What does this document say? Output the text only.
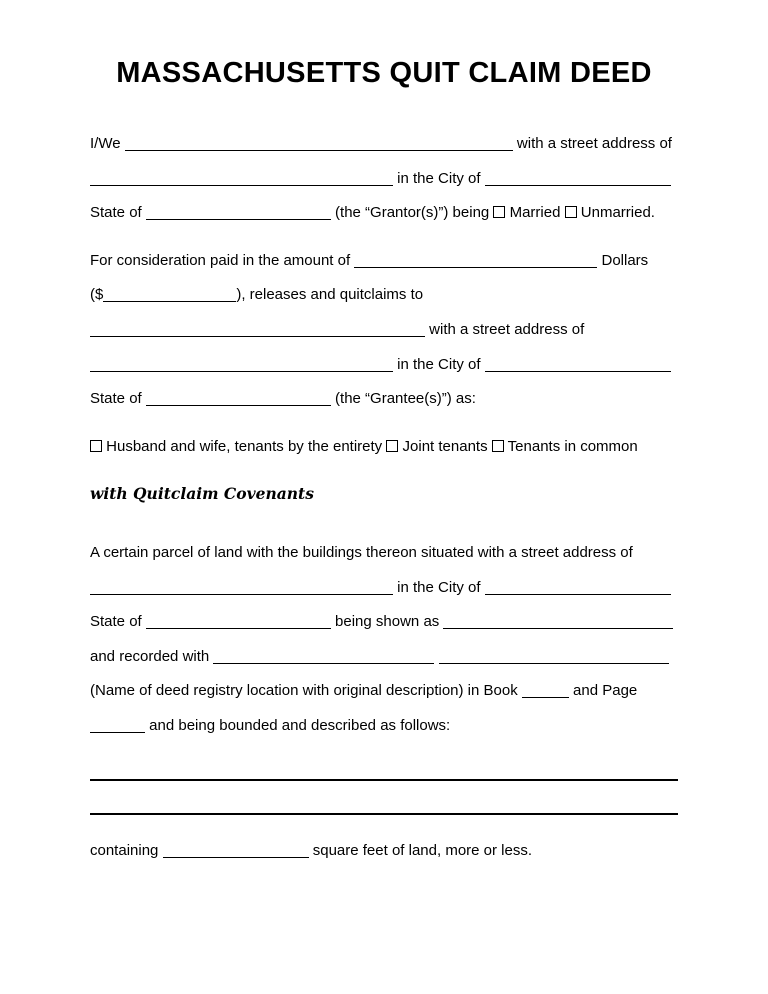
MASSACHUSETTS QUIT CLAIM DEED
I/We	with a street address of
in the City of
State of	(the “Grantor(s)”) being  Married  Unmarried.
For consideration paid in the amount of	Dollars
($	), releases and quitclaims to
with a street address of
in the City of
State of	(the “Grantee(s)”) as:
Husband and wife, tenants by the entirety  Joint tenants  Tenants in common
with Quitclaim Covenants
A certain parcel of land with the buildings thereon situated with a street address of
in the City of
State of	being shown as
and recorded with
(Name of deed registry location with original description) in Book	and Page
and being bounded and described as follows:
containing	square feet of land, more or less.
